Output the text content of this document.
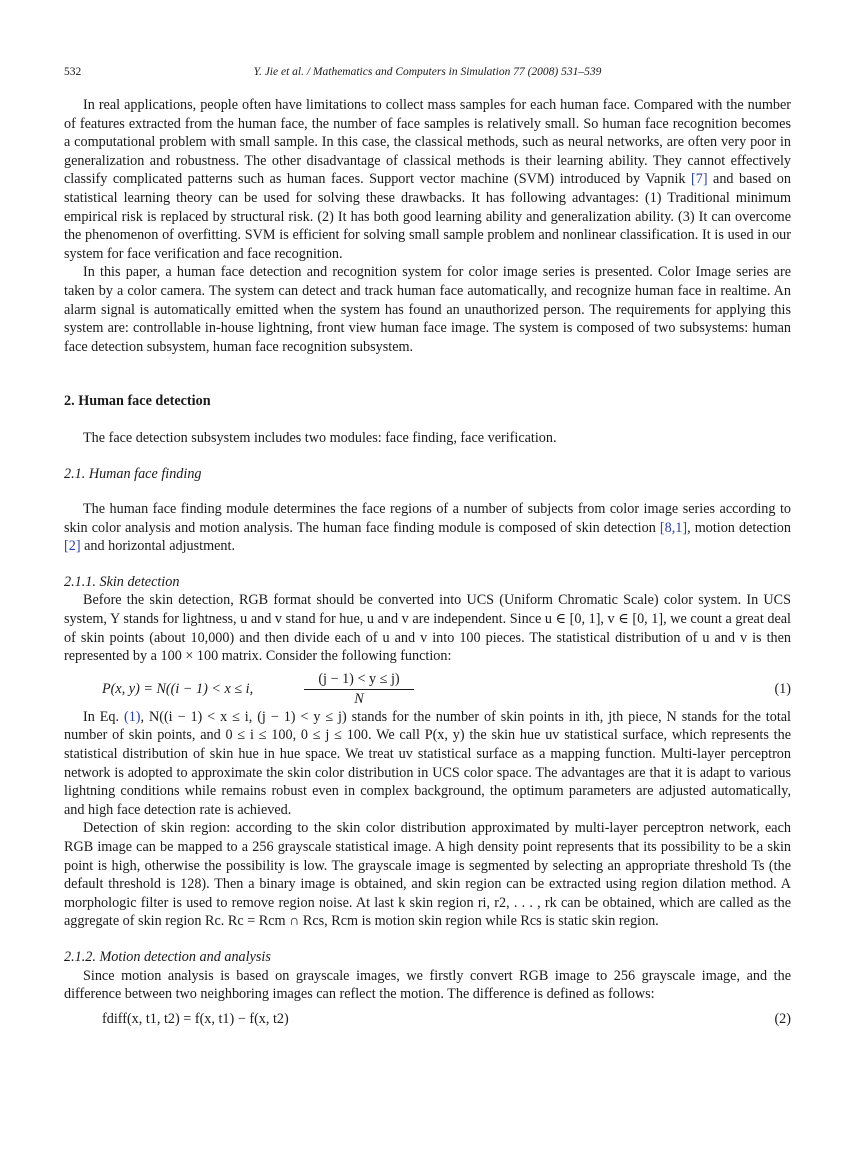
532	Y. Jie et al. / Mathematics and Computers in Simulation 77 (2008) 531–539

In real applications, people often have limitations to collect mass samples for each human face. Compared with the number of features extracted from the human face, the number of face samples is relatively small. So human face recognition becomes a computational problem with small sample. In this case, the classical methods, such as neural networks, are often very poor in generalization and robustness. The other disadvantage of classical methods is their learning ability. They cannot effectively classify complicated patterns such as human faces. Support vector machine (SVM) introduced by Vapnik [7] and based on statistical learning theory can be used for solving these drawbacks. It has following advantages: (1) Traditional minimum empirical risk is replaced by structural risk. (2) It has both good learning ability and generalization ability. (3) It can overcome the phenomenon of overfitting. SVM is efficient for solving small sample problem and nonlinear classification. It is used in our system for face verification and face recognition.

In this paper, a human face detection and recognition system for color image series is presented. Color Image series are taken by a color camera. The system can detect and track human face automatically, and recognize human face in realtime. An alarm signal is automatically emitted when the system has found an unauthorized person. The requirements for applying this system are: controllable in-house lightning, front view human face image. The system is composed of two subsystems: human face detection subsystem, human face recognition subsystem.

2. Human face detection

The face detection subsystem includes two modules: face finding, face verification.

2.1. Human face finding

The human face finding module determines the face regions of a number of subjects from color image series according to skin color analysis and motion analysis. The human face finding module is composed of skin detection [8,1], motion detection [2] and horizontal adjustment.

2.1.1. Skin detection

Before the skin detection, RGB format should be converted into UCS (Uniform Chromatic Scale) color system. In UCS system, Y stands for lightness, u and v stand for hue, u and v are independent. Since u ∈ [0, 1], v ∈ [0, 1], we count a great deal of skin points (about 10,000) and then divide each of u and v into 100 pieces. The statistical distribution of u and v is then represented by a 100 × 100 matrix. Consider the following function:

P(x, y) = N((i − 1) < x ≤ i,	$\frac{(j - 1) < y \le j)}{N}$	(1)

In Eq. (1), N((i − 1) < x ≤ i, (j − 1) < y ≤ j) stands for the number of skin points in ith, jth piece, N stands for the total number of skin points, and 0 ≤ i ≤ 100, 0 ≤ j ≤ 100. We call P(x, y) the skin hue uv statistical surface, which represents the statistical distribution of skin hue in hue space. We treat uv statistical surface as a mapping function. Multi-layer perceptron network is adopted to approximate the skin color distribution in UCS color space. The advantages are that it is adapt to various lightning conditions while remains robust even in complex background, the optimum parameters are adjusted automatically, and high face detection rate is achieved.

Detection of skin region: according to the skin color distribution approximated by multi-layer perceptron network, each RGB image can be mapped to a 256 grayscale statistical image. A high density point represents that its possibility to be a skin point is high, otherwise the possibility is low. The grayscale image is segmented by selecting an appropriate threshold Ts (the default threshold is 128). Then a binary image is obtained, and skin region can be extracted using region dilation method. A morphologic filter is used to remove region noise. At last k skin region ri, r2, . . . , rk can be obtained, which are called as the aggregate of skin region Rc. Rc = Rcm ∩ Rcs, Rcm is motion skin region while Rcs is static skin region.

2.1.2. Motion detection and analysis

Since motion analysis is based on grayscale images, we firstly convert RGB image to 256 grayscale image, and the difference between two neighboring images can reflect the motion. The difference is defined as follows:

fdiff(x, t1, t2) = f(x, t1) − f(x, t2)	(2)
